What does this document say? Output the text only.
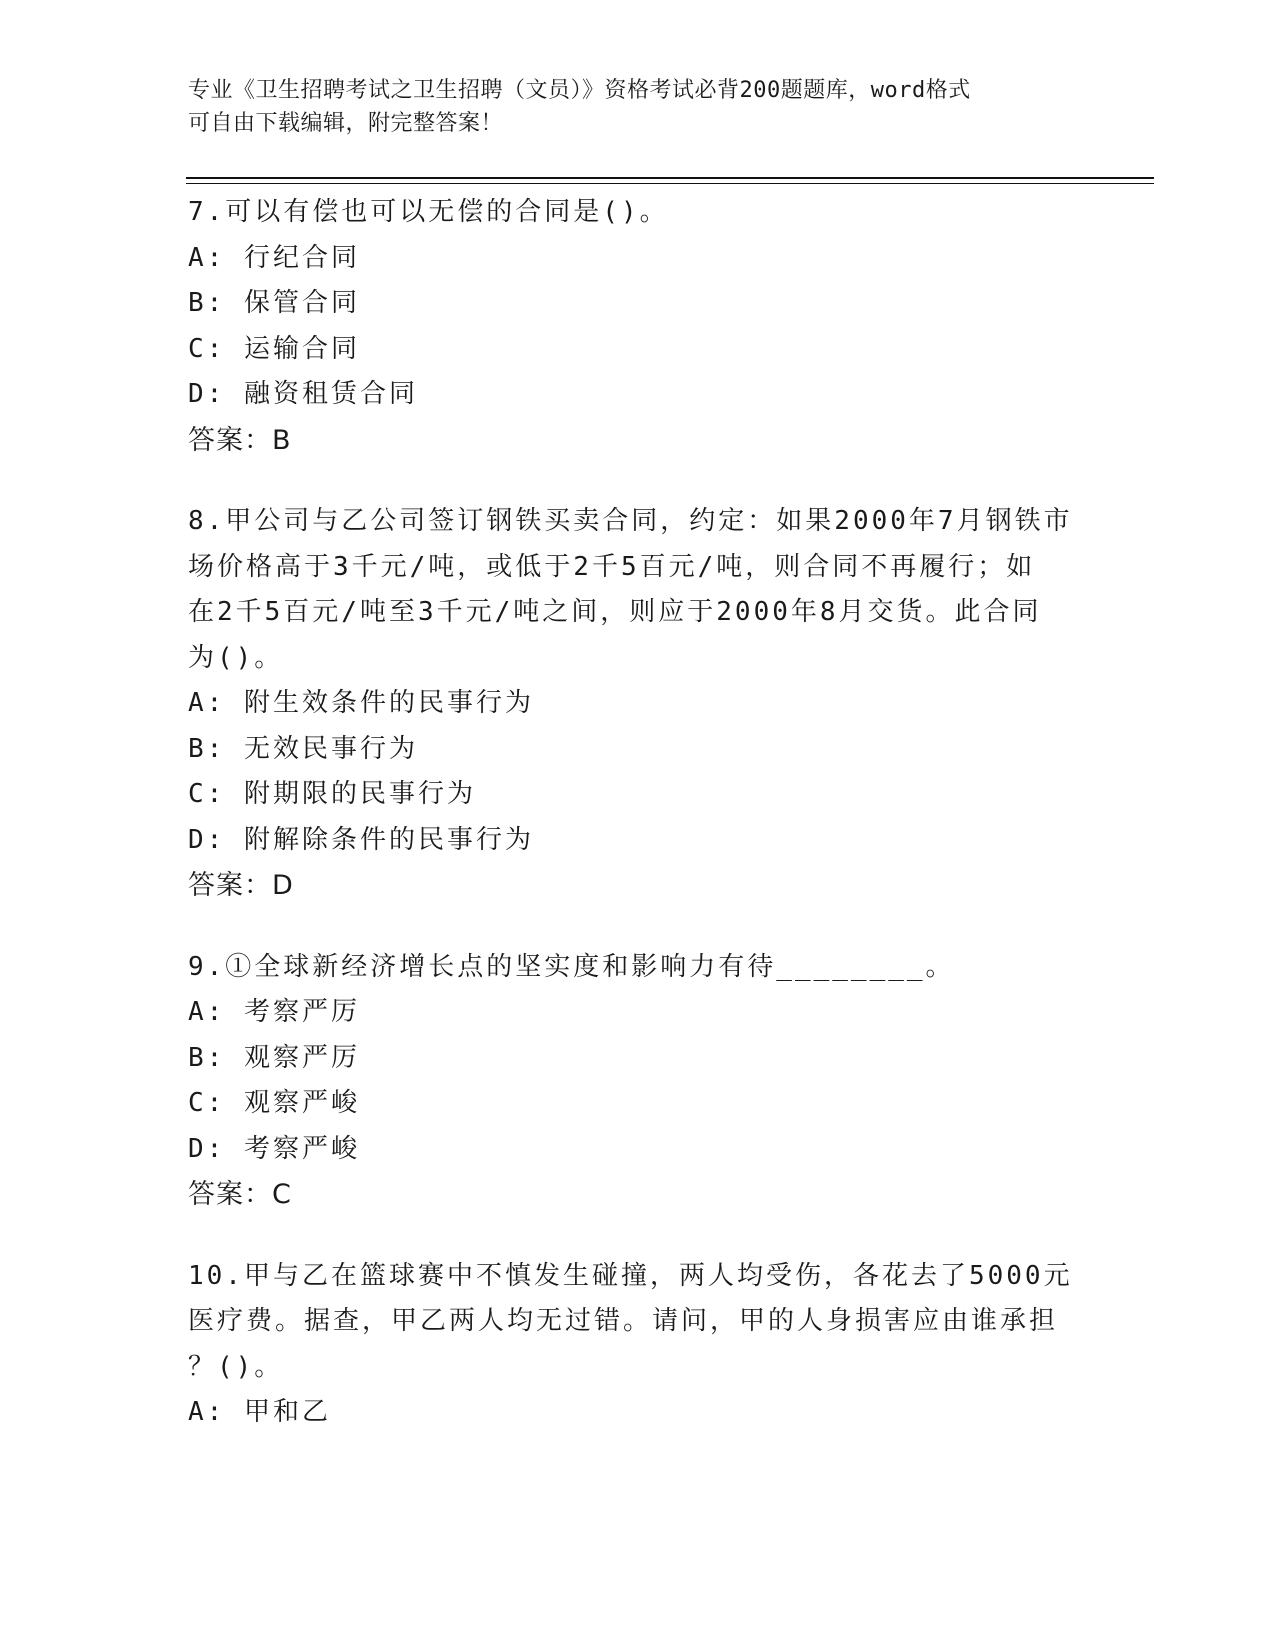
专业《卫生招聘考试之卫生招聘（文员）》资格考试必背200题题库，word格式
可自由下载编辑，附完整答案！
7.可以有偿也可以无偿的合同是()。
A: 行纪合同
B: 保管合同
C: 运输合同
D: 融资租赁合同
答案：B
8.甲公司与乙公司签订钢铁买卖合同，约定：如果2000年7月钢铁市
场价格高于3千元/吨，或低于2千5百元/吨，则合同不再履行；如
在2千5百元/吨至3千元/吨之间，则应于2000年8月交货。此合同
为()。
A: 附生效条件的民事行为
B: 无效民事行为
C: 附期限的民事行为
D: 附解除条件的民事行为
答案：D
9.①全球新经济增长点的坚实度和影响力有待________。
A: 考察严厉
B: 观察严厉
C: 观察严峻
D: 考察严峻
答案：C
10.甲与乙在篮球赛中不慎发生碰撞，两人均受伤，各花去了5000元
医疗费。据查，甲乙两人均无过错。请问，甲的人身损害应由谁承担
？()。
A: 甲和乙
